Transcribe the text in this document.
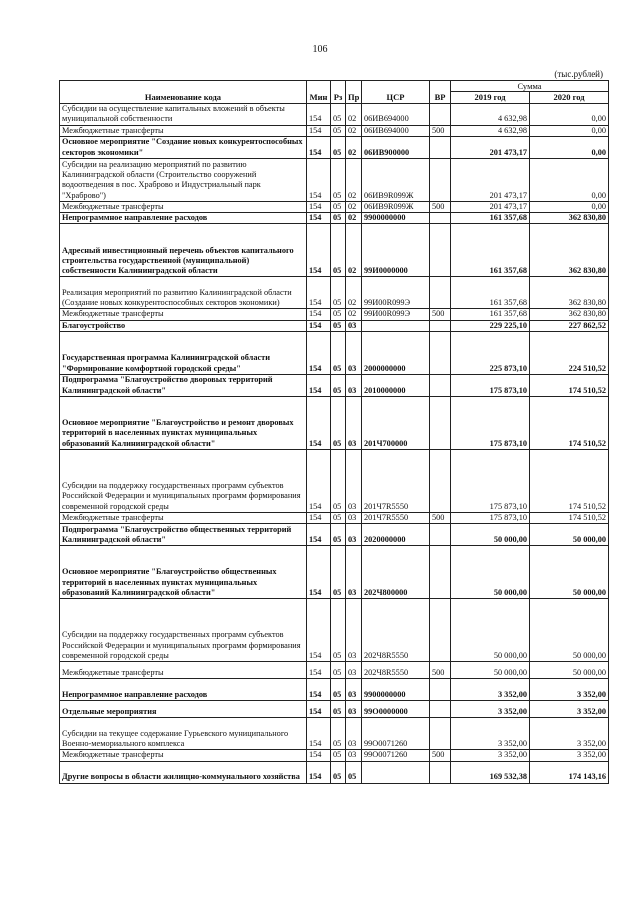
106
(тыс.рублей)
Наименование кода	Мин	Рз	Пр	ЦСР	ВР	Сумма	
						2019 год	2020 год
Субсидии на осуществление капитальных вложений в объекты муниципальной собственности	154	05	02	06ИВ694000		4 632,98	0,00
Межбюджетные трансферты	154	05	02	06ИВ694000	500	4 632,98	0,00
Основное мероприятие "Создание новых конкурентоспособных секторов экономики"	154	05	02	06ИВ900000		201 473,17	0,00
Субсидии на реализацию мероприятий по развитию Калининградской области (Строительство сооружений водоотведения в пос. Храброво и Индустриальный парк "Храброво")	154	05	02	06ИВ9R099Ж		201 473,17	0,00
Межбюджетные трансферты	154	05	02	06ИВ9R099Ж	500	201 473,17	0,00
Непрограммное направление расходов	154	05	02	9900000000		161 357,68	362 830,80
Адресный инвестиционный перечень объектов капитального строительства государственной (муниципальной) собственности Калининградской области	154	05	02	99И0000000		161 357,68	362 830,80
Реализация мероприятий по развитию Калининградской области (Создание новых конкурентоспособных секторов экономики)	154	05	02	99И00R099Э		161 357,68	362 830,80
Межбюджетные трансферты	154	05	02	99И00R099Э	500	161 357,68	362 830,80
Благоустройство	154	05	03			229 225,10	227 862,52
Государственная программа Калининградской области "Формирование комфортной городской среды"	154	05	03	2000000000		225 873,10	224 510,52
Подпрограмма "Благоустройство дворовых территорий Калининградской области"	154	05	03	2010000000		175 873,10	174 510,52
Основное мероприятие "Благоустройство и ремонт дворовых территорий в населенных пунктах муниципальных образований Калининградской области"	154	05	03	201Ч700000		175 873,10	174 510,52
Субсидии на поддержку государственных программ субъектов Российской Федерации и муниципальных программ формирования современной городской среды	154	05	03	201Ч7R5550		175 873,10	174 510,52
Межбюджетные трансферты	154	05	03	201Ч7R5550	500	175 873,10	174 510,52
Подпрограмма "Благоустройство общественных территорий Калининградской области"	154	05	03	2020000000		50 000,00	50 000,00
Основное мероприятие "Благоустройство общественных территорий в населенных пунктах муниципальных образований Калининградской области"	154	05	03	202Ч800000		50 000,00	50 000,00
Субсидии на поддержку государственных программ субъектов Российской Федерации и муниципальных программ формирования современной городской среды	154	05	03	202Ч8R5550		50 000,00	50 000,00
Межбюджетные трансферты	154	05	03	202Ч8R5550	500	50 000,00	50 000,00
Непрограммное направление расходов	154	05	03	9900000000		3 352,00	3 352,00
Отдельные мероприятия	154	05	03	99О0000000		3 352,00	3 352,00
Субсидии на текущее содержание Гурьевского муниципального Военно-мемориального комплекса	154	05	03	99О0071260		3 352,00	3 352,00
Межбюджетные трансферты	154	05	03	99О0071260	500	3 352,00	3 352,00
Другие вопросы в области жилищно-коммунального хозяйства	154	05	05			169 532,38	174 143,16
